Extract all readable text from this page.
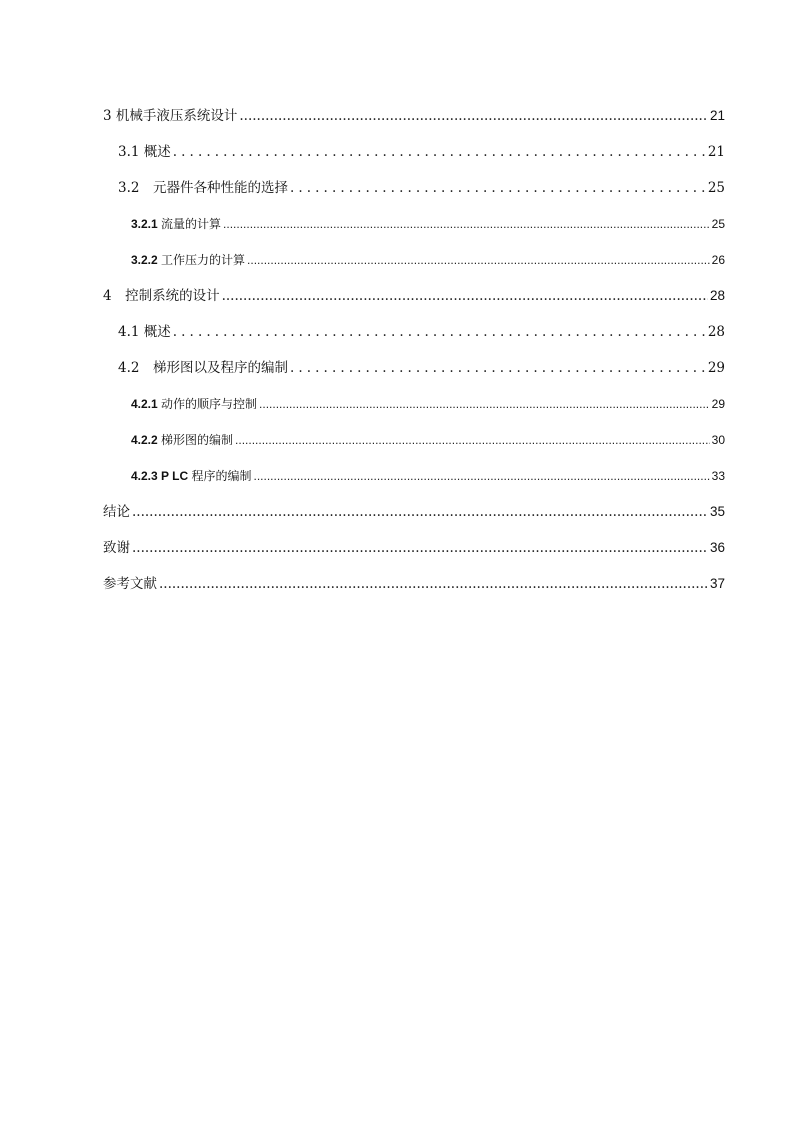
3 机械手液压系统设计 .....	21
3.1 概述 .....	21
3.2　元器件各种性能的选择 .....	25
3.2.1 流量的计算 .....	25
3.2.2 工作压力的计算 .....	26
4　控制系统的设计 .....	28
4.1 概述 .....	28
4.2　梯形图以及程序的编制 .....	29
4.2.1 动作的顺序与控制 .....	29
4.2.2 梯形图的编制 .....	30
4.2.3 P LC 程序的编制 .....	33
结论 .....	35
致谢 .....	36
参考文献 .....	37
